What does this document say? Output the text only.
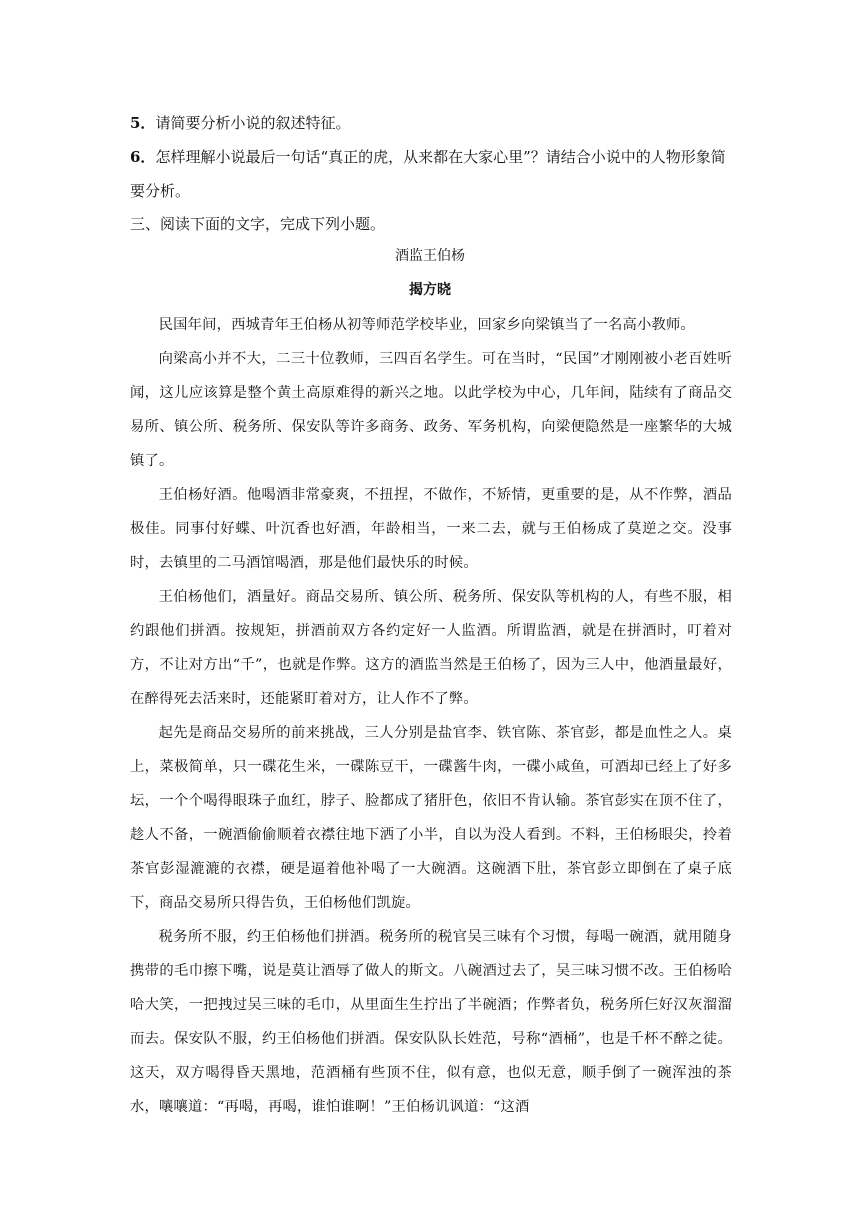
5．请简要分析小说的叙述特征。

6．怎样理解小说最后一句话“真正的虎，从来都在大家心里”？请结合小说中的人物形象简要分析。

三、阅读下面的文字，完成下列小题。

酒监王伯杨

揭方晓

民国年间，西城青年王伯杨从初等师范学校毕业，回家乡向梁镇当了一名高小教师。

向梁高小并不大，二三十位教师，三四百名学生。可在当时，“民国”才刚刚被小老百姓听闻，这儿应该算是整个黄土高原难得的新兴之地。以此学校为中心，几年间，陆续有了商品交易所、镇公所、税务所、保安队等许多商务、政务、军务机构，向梁便隐然是一座繁华的大城镇了。

王伯杨好酒。他喝酒非常豪爽，不扭捏，不做作，不矫情，更重要的是，从不作弊，酒品极佳。同事付好蝶、叶沉香也好酒，年龄相当，一来二去，就与王伯杨成了莫逆之交。没事时，去镇里的二马酒馆喝酒，那是他们最快乐的时候。

王伯杨他们，酒量好。商品交易所、镇公所、税务所、保安队等机构的人，有些不服，相约跟他们拼酒。按规矩，拼酒前双方各约定好一人监酒。所谓监酒，就是在拼酒时，叮着对方，不让对方出“千”，也就是作弊。这方的酒监当然是王伯杨了，因为三人中，他酒量最好，在醉得死去活来时，还能紧盯着对方，让人作不了弊。

起先是商品交易所的前来挑战，三人分别是盐官李、铁官陈、茶官彭，都是血性之人。桌上，菜极简单，只一碟花生米，一碟陈豆干，一碟酱牛肉，一碟小咸鱼，可酒却已经上了好多坛，一个个喝得眼珠子血红，脖子、脸都成了猪肝色，依旧不肯认输。茶官彭实在顶不住了，趁人不备，一碗酒偷偷顺着衣襟往地下洒了小半，自以为没人看到。不料，王伯杨眼尖，拎着茶官彭湿漉漉的衣襟，硬是逼着他补喝了一大碗酒。这碗酒下肚，茶官彭立即倒在了桌子底下，商品交易所只得告负，王伯杨他们凯旋。

税务所不服，约王伯杨他们拼酒。税务所的税官吴三味有个习惯，每喝一碗酒，就用随身携带的毛巾擦下嘴，说是莫让酒辱了做人的斯文。八碗酒过去了，吴三味习惯不改。王伯杨哈哈大笑，一把拽过吴三味的毛巾，从里面生生拧出了半碗酒；作弊者负，税务所仨好汉灰溜溜而去。保安队不服，约王伯杨他们拼酒。保安队队长姓范，号称“酒桶”，也是千杯不醉之徒。这天，双方喝得昏天黑地，范酒桶有些顶不住，似有意，也似无意，顺手倒了一碗浑浊的茶水，嚷嚷道：“再喝，再喝，谁怕谁啊！”王伯杨讥讽道：“这酒
